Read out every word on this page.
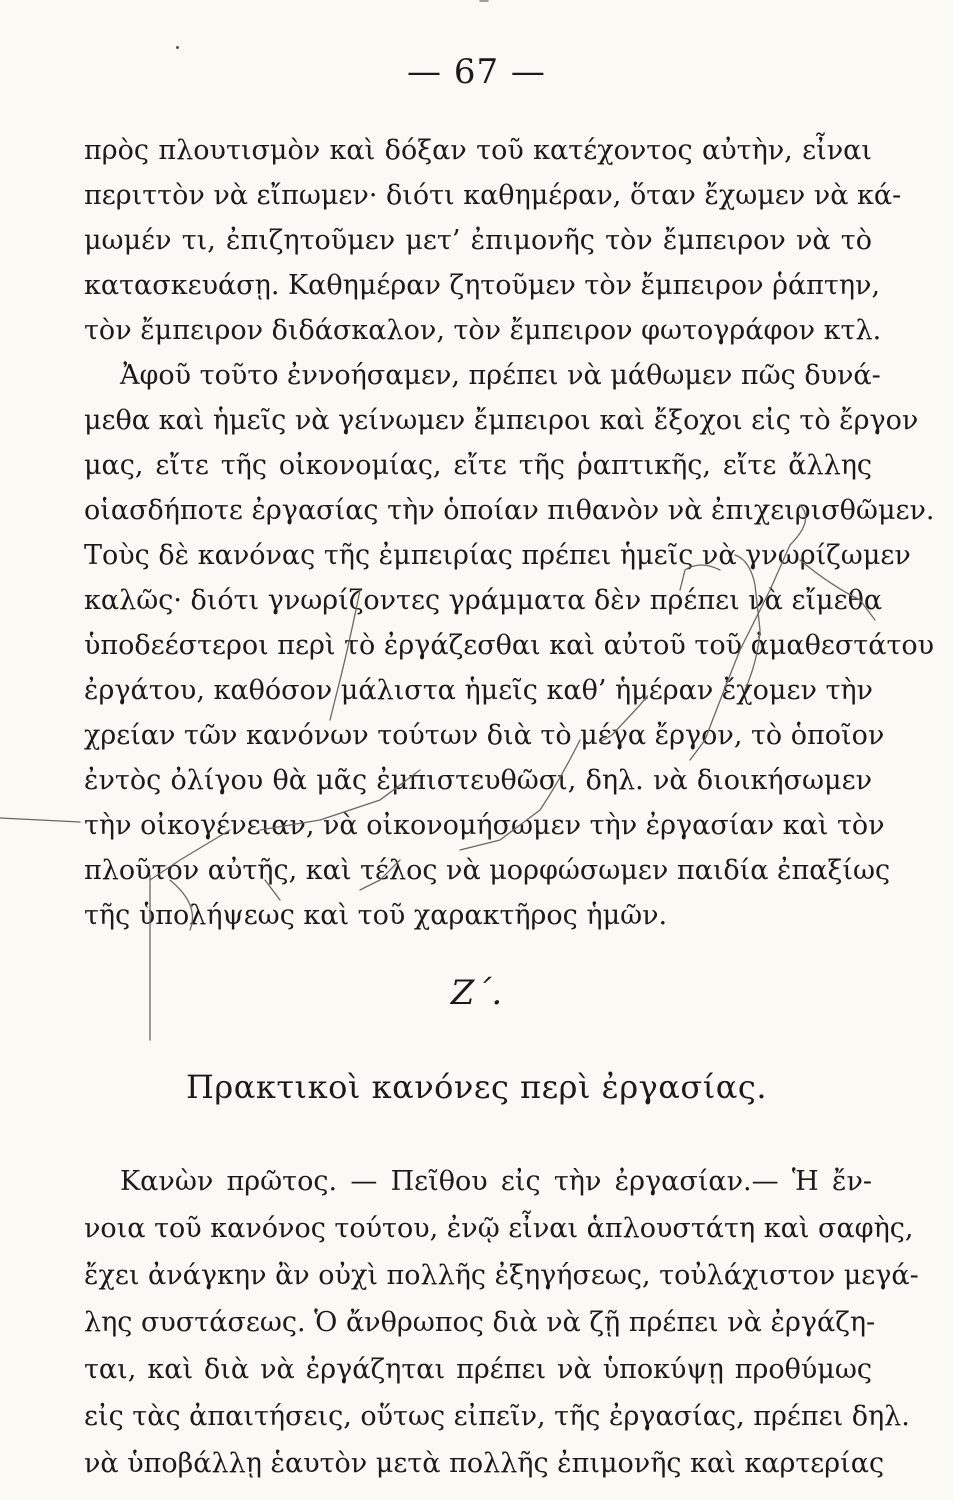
— 67 —
πρὸς πλουτισμὸν καὶ δόξαν τοῦ κατέχοντος αὐτὴν, εἶναι
περιττὸν νὰ εἴπωμεν· διότι καθημέραν, ὅταν ἔχωμεν νὰ κά-
μωμέν τι, ἐπιζητοῦμεν μετ’ ἐπιμονῆς τὸν ἔμπειρον νὰ τὸ
κατασκευάσῃ. Καθημέραν ζητοῦμεν τὸν ἔμπειρον ῥάπτην,
τὸν ἔμπειρον διδάσκαλον, τὸν ἔμπειρον φωτογράφον κτλ.
Ἀφοῦ τοῦτο ἐννοήσαμεν, πρέπει νὰ μάθωμεν πῶς δυνά-
μεθα καὶ ἡμεῖς νὰ γείνωμεν ἔμπειροι καὶ ἔξοχοι εἰς τὸ ἔργον
μας, εἴτε τῆς οἰκονομίας, εἴτε τῆς ῥαπτικῆς, εἴτε ἄλλης
οἱασδήποτε ἐργασίας τὴν ὁποίαν πιθανὸν νὰ ἐπιχειρισθῶμεν.
Τοὺς δὲ κανόνας τῆς ἐμπειρίας πρέπει ἡμεῖς νὰ γνωρίζωμεν
καλῶς· διότι γνωρίζοντες γράμματα δὲν πρέπει νὰ εἴμεθα
ὑποδεέστεροι περὶ τὸ ἐργάζεσθαι καὶ αὐτοῦ τοῦ ἀμαθεστάτου
ἐργάτου, καθόσον μάλιστα ἡμεῖς καθ’ ἡμέραν ἔχομεν τὴν
χρείαν τῶν κανόνων τούτων διὰ τὸ μέγα ἔργον, τὸ ὁποῖον
ἐντὸς ὀλίγου θὰ μᾶς ἐμπιστευθῶσι, δηλ. νὰ διοικήσωμεν
τὴν οἰκογένειαν, νὰ οἰκονομήσωμεν τὴν ἐργασίαν καὶ τὸν
πλοῦτον αὐτῆς, καὶ τέλος νὰ μορφώσωμεν παιδία ἐπαξίως
τῆς ὑπολήψεως καὶ τοῦ χαρακτῆρος ἡμῶν.
Ζ΄.
Πρακτικοὶ κανόνες περὶ ἐργασίας.
Κανὼν πρῶτος. — Πεῖθου εἰς τὴν ἐργασίαν.— Ἡ ἔν-
νοια τοῦ κανόνος τούτου, ἐνῷ εἶναι ἁπλουστάτη καὶ σαφὴς,
ἔχει ἀνάγκην ἂν οὐχὶ πολλῆς ἐξηγήσεως, τοὐλάχιστον μεγά-
λης συστάσεως. Ὁ ἄνθρωπος διὰ νὰ ζῇ πρέπει νὰ ἐργάζη-
ται, καὶ διὰ νὰ ἐργάζηται πρέπει νὰ ὑποκύψῃ προθύμως
εἰς τὰς ἀπαιτήσεις, οὕτως εἰπεῖν, τῆς ἐργασίας, πρέπει δηλ.
νὰ ὑποβάλλῃ ἑαυτὸν μετὰ πολλῆς ἐπιμονῆς καὶ καρτερίας
